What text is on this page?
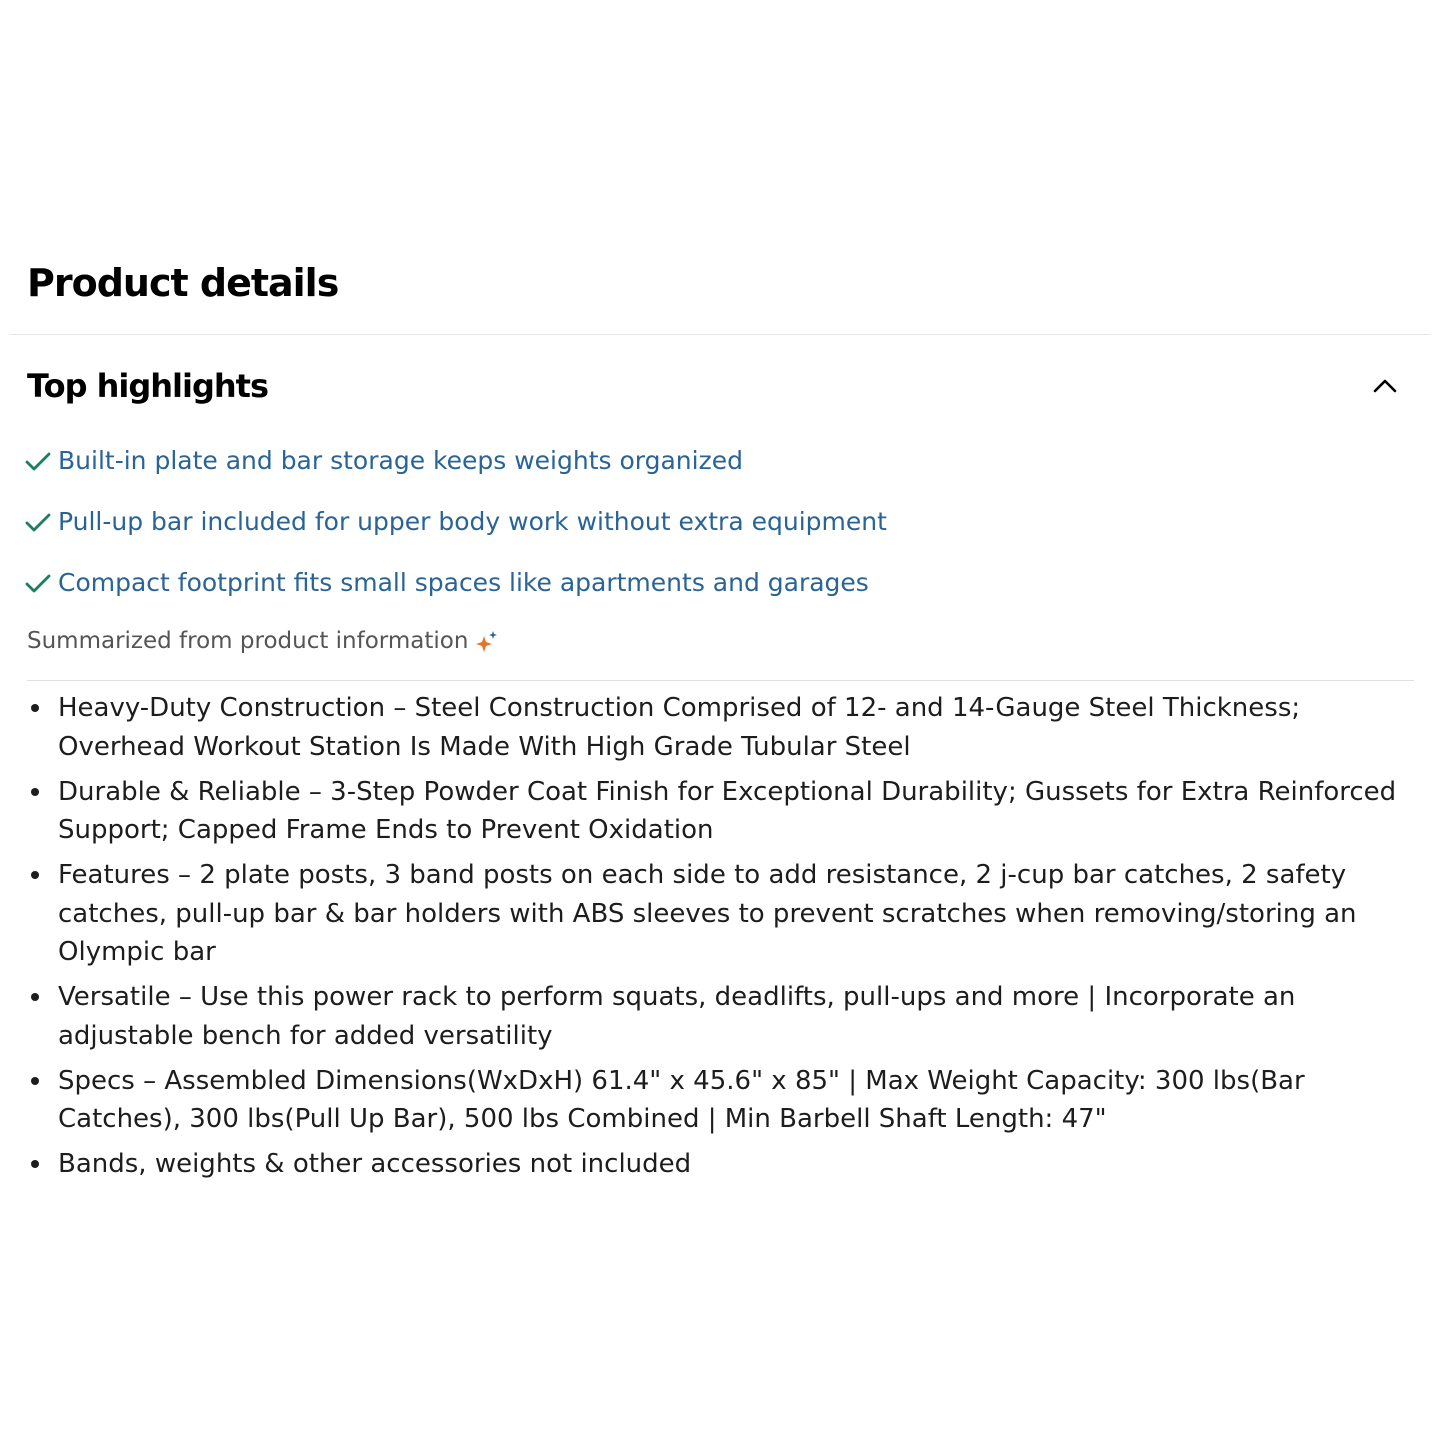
Product details
Top highlights
Built-in plate and bar storage keeps weights organized
Pull-up bar included for upper body work without extra equipment
Compact footprint fits small spaces like apartments and garages
Summarized from product information
Heavy-Duty Construction – Steel Construction Comprised of 12- and 14-Gauge Steel Thickness; Overhead Workout Station Is Made With High Grade Tubular Steel
Durable & Reliable – 3-Step Powder Coat Finish for Exceptional Durability; Gussets for Extra Reinforced Support; Capped Frame Ends to Prevent Oxidation
Features – 2 plate posts, 3 band posts on each side to add resistance, 2 j-cup bar catches, 2 safety catches, pull-up bar & bar holders with ABS sleeves to prevent scratches when removing/storing an Olympic bar
Versatile – Use this power rack to perform squats, deadlifts, pull-ups and more | Incorporate an adjustable bench for added versatility
Specs – Assembled Dimensions(WxDxH) 61.4" x 45.6" x 85" | Max Weight Capacity: 300 lbs(Bar Catches), 300 lbs(Pull Up Bar), 500 lbs Combined | Min Barbell Shaft Length: 47"
Bands, weights & other accessories not included
